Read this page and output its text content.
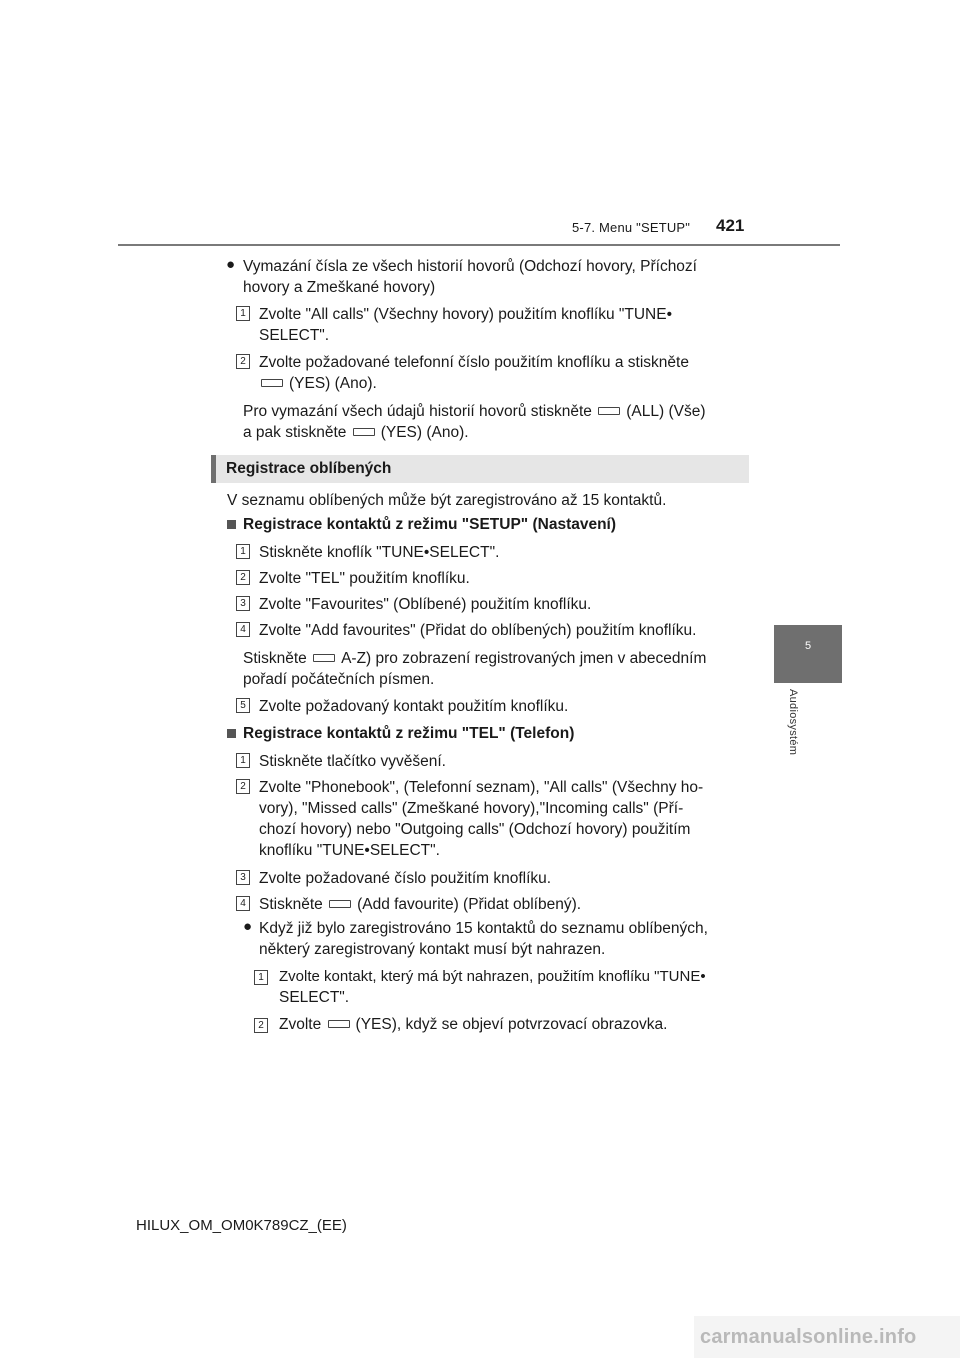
5-7. Menu "SETUP" 421
5
Audiosystém
● Vymazání čísla ze všech historií hovorů (Odchozí hovory, Příchozí
hovory a Zmeškané hovory)
1 Zvolte "All calls" (Všechny hovory) použitím knoflíku "TUNE•
SELECT".
2 Zvolte požadované telefonní číslo použitím knoflíku a stiskněte
(YES) (Ano).
Pro vymazání všech údajů historií hovorů stiskněte (ALL) (Vše)
a pak stiskněte (YES) (Ano).
Registrace oblíbených
V seznamu oblíbených může být zaregistrováno až 15 kontaktů.
Registrace kontaktů z režimu "SETUP" (Nastavení)
1 Stiskněte knoflík "TUNE•SELECT".
2 Zvolte "TEL" použitím knoflíku.
3 Zvolte "Favourites" (Oblíbené) použitím knoflíku.
4 Zvolte "Add favourites" (Přidat do oblíbených) použitím knoflíku.
Stiskněte A-Z) pro zobrazení registrovaných jmen v abecedním
pořadí počátečních písmen.
5 Zvolte požadovaný kontakt použitím knoflíku.
Registrace kontaktů z režimu "TEL" (Telefon)
1 Stiskněte tlačítko vyvěšení.
2 Zvolte "Phonebook", (Telefonní seznam), "All calls" (Všechny ho-
vory), "Missed calls" (Zmeškané hovory),"Incoming calls" (Pří-
chozí hovory) nebo "Outgoing calls" (Odchozí hovory) použitím
knoflíku "TUNE•SELECT".
3 Zvolte požadované číslo použitím knoflíku.
4 Stiskněte (Add favourite) (Přidat oblíbený).
● Když již bylo zaregistrováno 15 kontaktů do seznamu oblíbených,
některý zaregistrovaný kontakt musí být nahrazen.
1 Zvolte kontakt, který má být nahrazen, použitím knoflíku "TUNE•
SELECT".
2 Zvolte (YES), když se objeví potvrzovací obrazovka.
HILUX_OM_OM0K789CZ_(EE)
carmanualsonline.info
